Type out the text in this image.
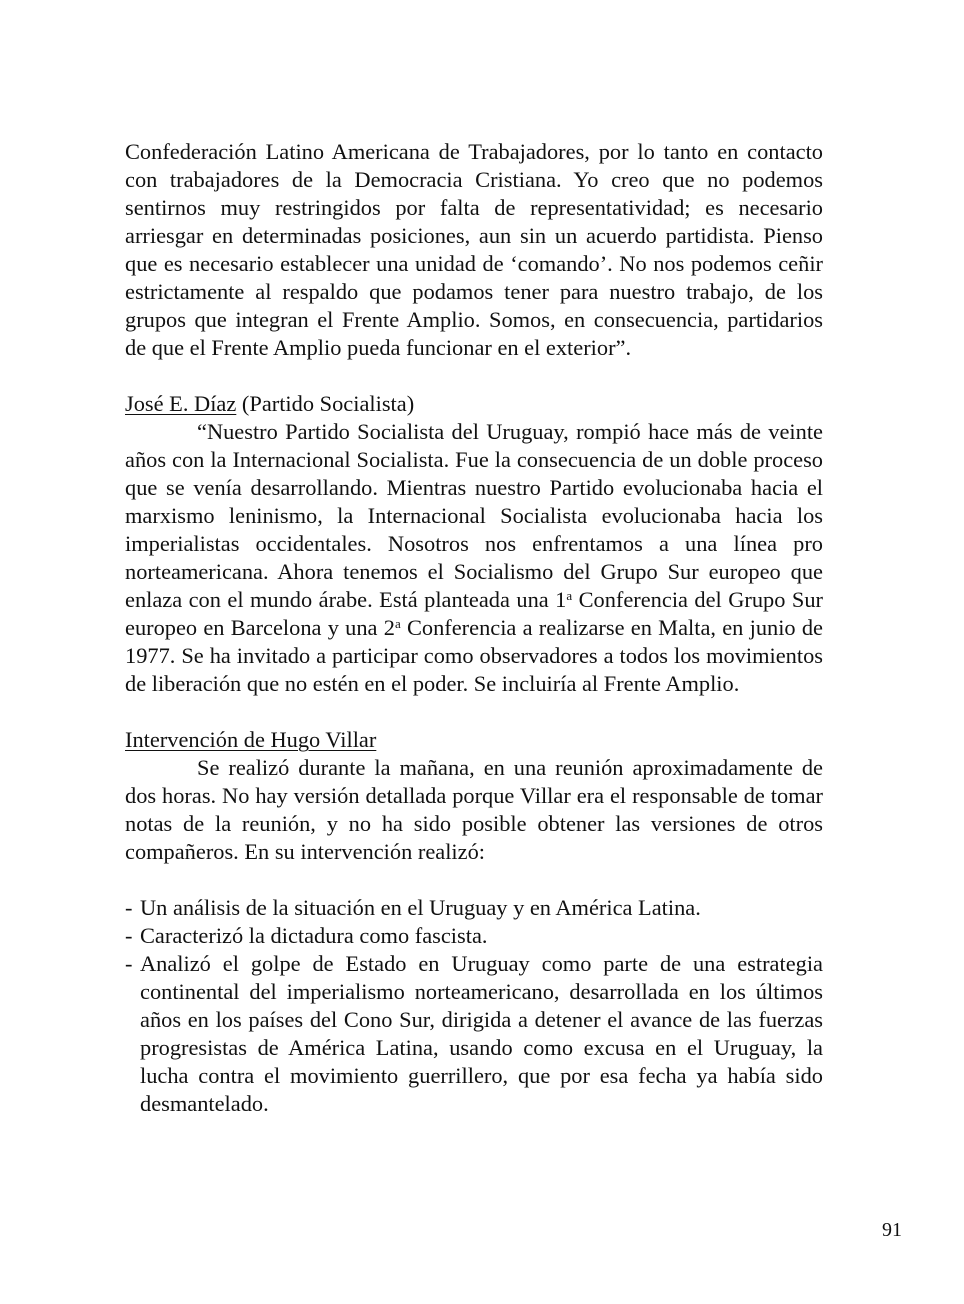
Confederación Latino Americana de Trabajadores, por lo tanto en contacto con trabajadores de la Democracia Cristiana. Yo creo que no podemos sentirnos muy restringidos por falta de representatividad; es necesario arriesgar en determinadas posiciones, aun sin un acuerdo partidista. Pienso que es necesario establecer una unidad de ‘comando’. No nos podemos ceñir estrictamente al respaldo que podamos tener para nuestro trabajo, de los grupos que integran el Frente Amplio. Somos, en consecuencia, partidarios de que el Frente Amplio pueda funcionar en el exterior”.

José E. Díaz (Partido Socialista)

“Nuestro Partido Socialista del Uruguay, rompió hace más de veinte años con la Internacional Socialista. Fue la consecuencia de un doble proceso que se venía desarrollando. Mientras nuestro Partido evolucionaba hacia el marxismo leninismo, la Internacional Socialista evolucionaba hacia los imperialistas occidentales. Nosotros nos enfrentamos a una línea pro norteamericana. Ahora tenemos el Socialismo del Grupo Sur europeo que enlaza con el mundo árabe. Está planteada una 1$^a$ Conferencia del Grupo Sur europeo en Barcelona y una 2$^a$ Conferencia a realizarse en Malta, en junio de 1977. Se ha invitado a participar como observadores a todos los movimientos de liberación que no estén en el poder. Se incluiría al Frente Amplio.

Intervención de Hugo Villar

Se realizó durante la mañana, en una reunión aproximadamente de dos horas. No hay versión detallada porque Villar era el responsable de tomar notas de la reunión, y no ha sido posible obtener las versiones de otros compañeros. En su intervención realizó:

- Un análisis de la situación en el Uruguay y en América Latina.
- Caracterizó la dictadura como fascista.
- Analizó el golpe de Estado en Uruguay como parte de una estrategia continental del imperialismo norteamericano, desarrollada en los últimos años en los países del Cono Sur, dirigida a detener el avance de las fuerzas progresistas de América Latina, usando como excusa en el Uruguay, la lucha contra el movimiento guerrillero, que por esa fecha ya había sido desmantelado.
91
